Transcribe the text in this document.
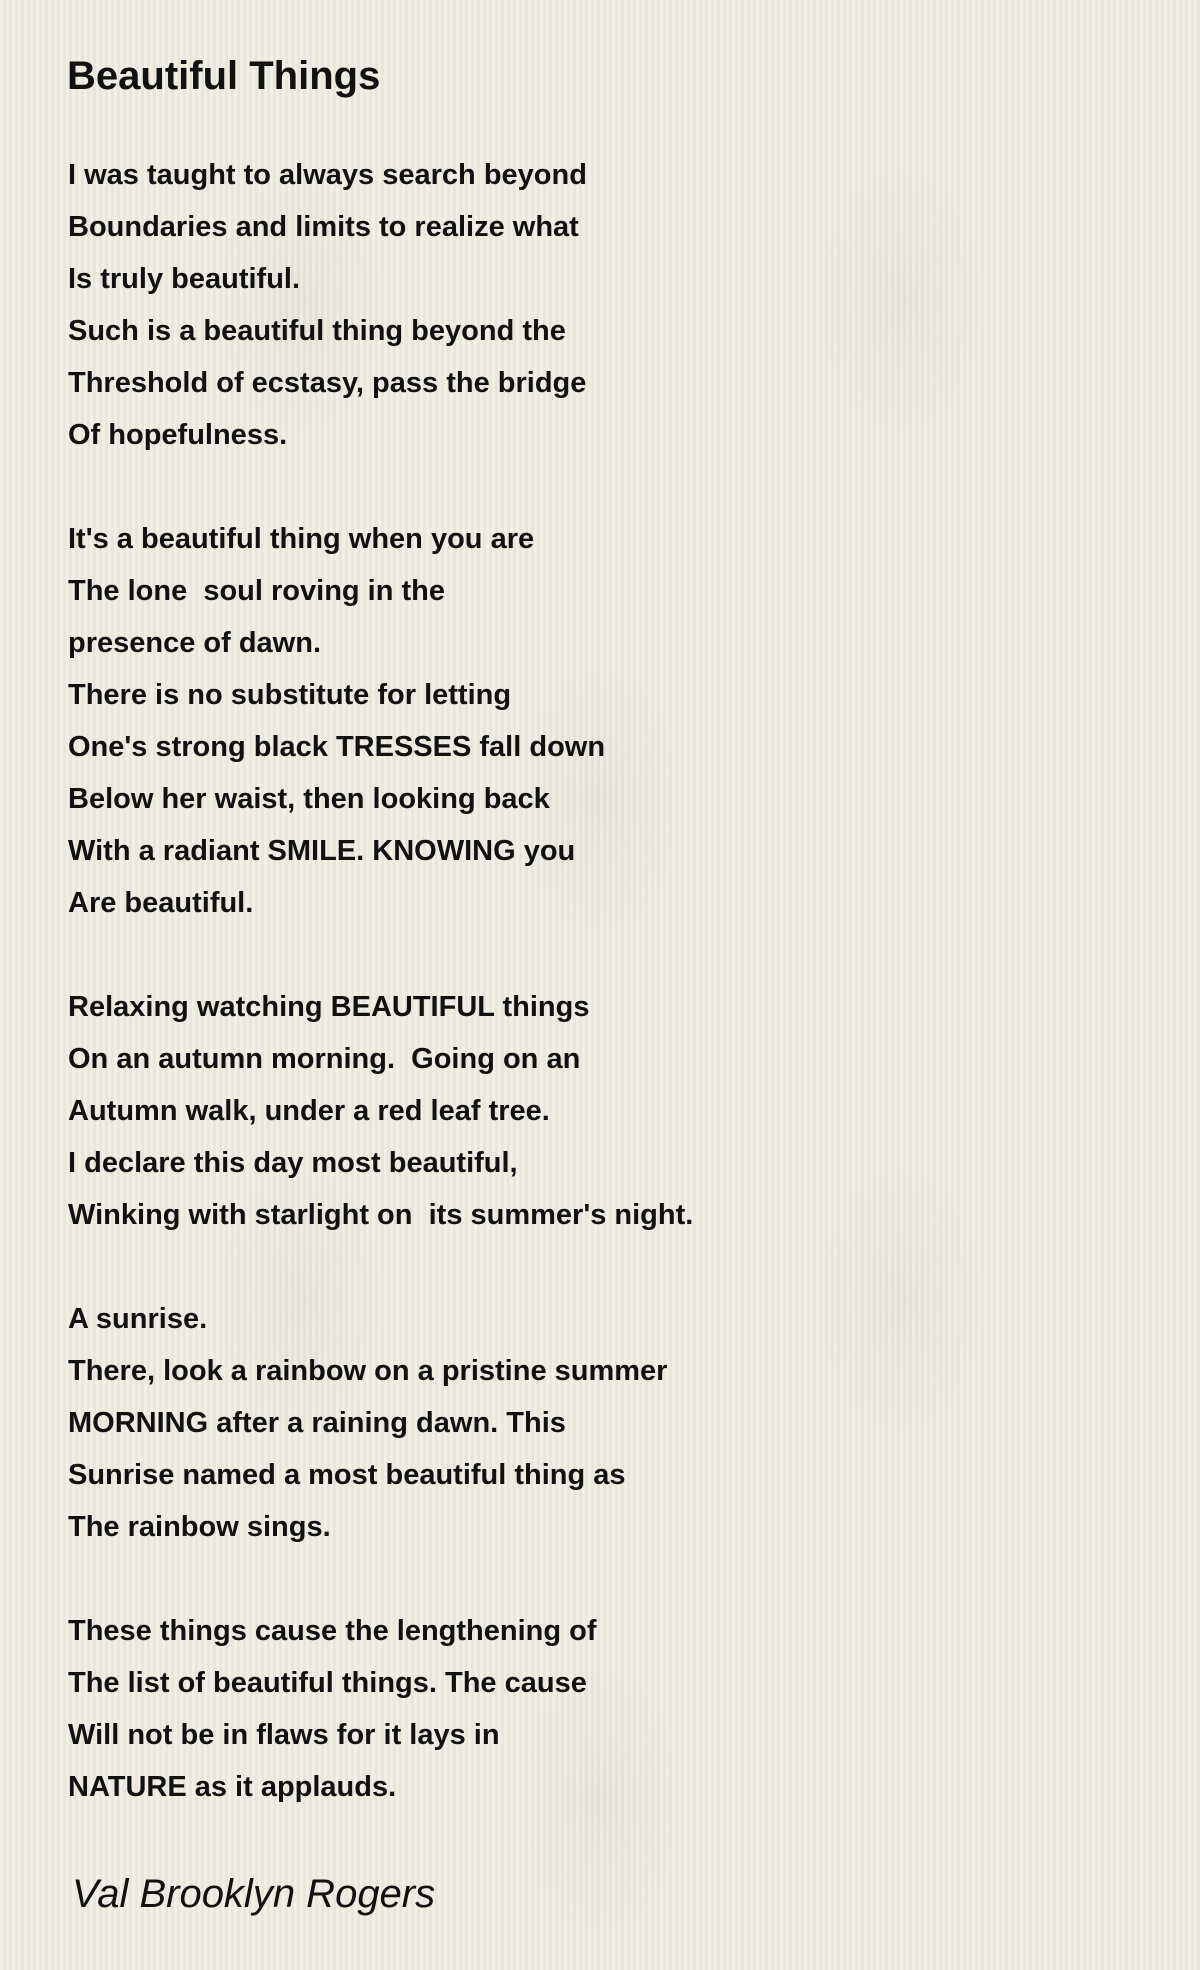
Beautiful Things
I was taught to always search beyond
Boundaries and limits to realize what
Is truly beautiful.
Such is a beautiful thing beyond the
Threshold of ecstasy, pass the bridge
Of hopefulness.
It's a beautiful thing when you are
The lone  soul roving in the
presence of dawn.
There is no substitute for letting
One's strong black TRESSES fall down
Below her waist, then looking back
With a radiant SMILE. KNOWING you
Are beautiful.
Relaxing watching BEAUTIFUL things
On an autumn morning.  Going on an
Autumn walk, under a red leaf tree.
I declare this day most beautiful,
Winking with starlight on  its summer's night.
A sunrise.
There, look a rainbow on a pristine summer
MORNING after a raining dawn. This
Sunrise named a most beautiful thing as
The rainbow sings.
These things cause the lengthening of
The list of beautiful things. The cause
Will not be in flaws for it lays in
NATURE as it applauds.
Val Brooklyn Rogers
